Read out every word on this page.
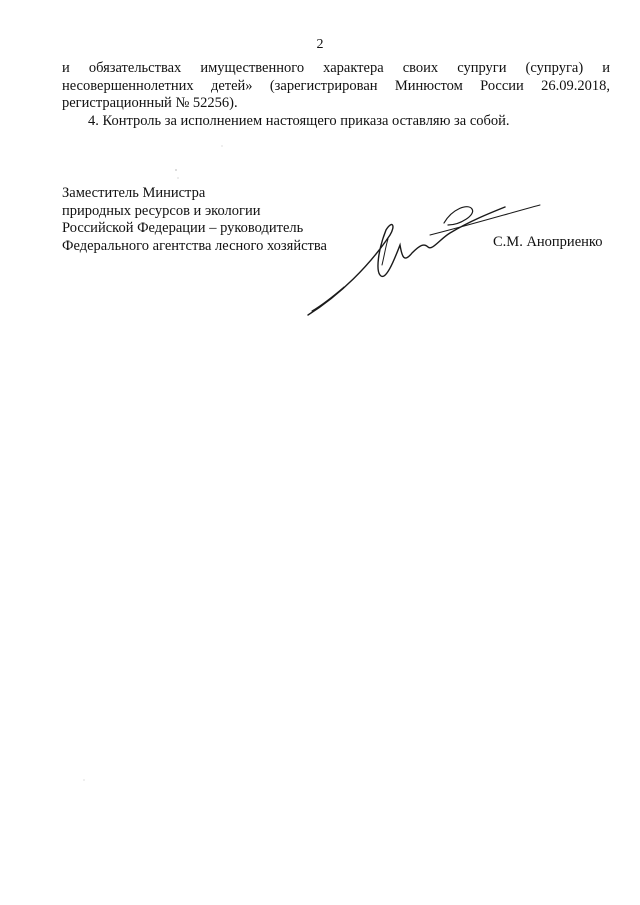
2

и обязательствах имущественного характера своих супруги (супруга) и

несовершеннолетних детей» (зарегистрирован Минюстом России 26.09.2018,

регистрационный № 52256).

4. Контроль за исполнением настоящего приказа оставляю за собой.

Заместитель Министра
природных ресурсов и экологии
Российской Федерации – руководитель
Федерального агентства лесного хозяйства	С.М. Аноприенко
